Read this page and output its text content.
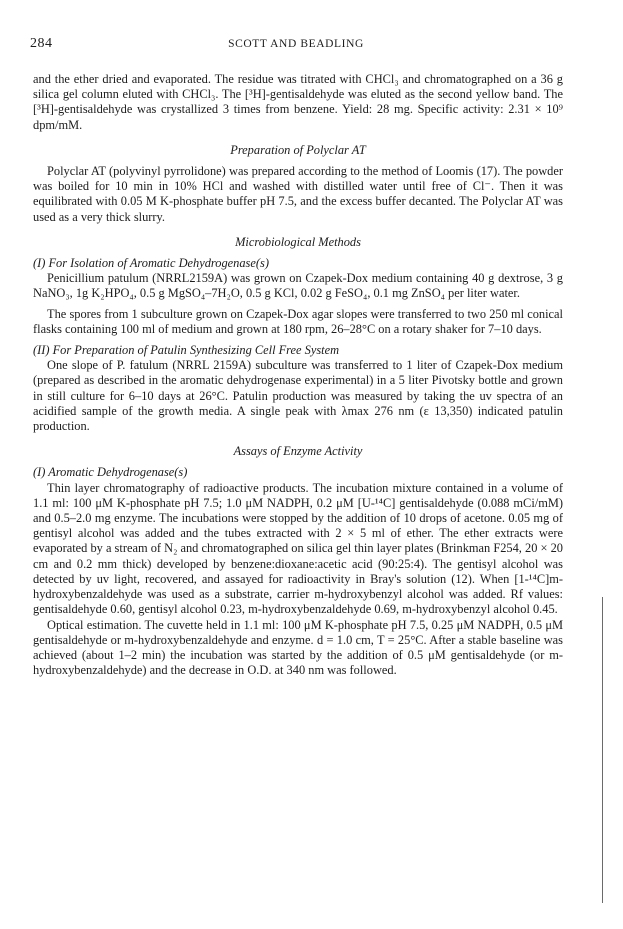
284	SCOTT AND BEADLING

and the ether dried and evaporated. The residue was titrated with CHCl₃ and chromatographed on a 36 g silica gel column eluted with CHCl₃. The [³H]-gentisaldehyde was eluted as the second yellow band. The [³H]-gentisaldehyde was crystallized 3 times from benzene. Yield: 28 mg. Specific activity: 2.31 × 10⁹ dpm/mM.

Preparation of Polyclar AT

Polyclar AT (polyvinyl pyrrolidone) was prepared according to the method of Loomis (17). The powder was boiled for 10 min in 10% HCl and washed with distilled water until free of Cl⁻. Then it was equilibrated with 0.05 M K-phosphate buffer pH 7.5, and the excess buffer decanted. The Polyclar AT was used as a very thick slurry.

Microbiological Methods

(I) For Isolation of Aromatic Dehydrogenase(s)

Penicillium patulum (NRRL2159A) was grown on Czapek-Dox medium containing 40 g dextrose, 3 g NaNO₃, 1g K₂HPO₄, 0.5 g MgSO₄–7H₂O, 0.5 g KCl, 0.02 g FeSO₄, 0.1 mg ZnSO₄ per liter water.

The spores from 1 subculture grown on Czapek-Dox agar slopes were transferred to two 250 ml conical flasks containing 100 ml of medium and grown at 180 rpm, 26–28°C on a rotary shaker for 7–10 days.

(II) For Preparation of Patulin Synthesizing Cell Free System

One slope of P. fatulum (NRRL 2159A) subculture was transferred to 1 liter of Czapek-Dox medium (prepared as described in the aromatic dehydrogenase experimental) in a 5 liter Pivotsky bottle and grown in still culture for 6–10 days at 26°C. Patulin production was measured by taking the uv spectra of an acidified sample of the growth media. A single peak with λmax 276 nm (ε 13,350) indicated patulin production.

Assays of Enzyme Activity

(I) Aromatic Dehydrogenase(s)

Thin layer chromatography of radioactive products. The incubation mixture contained in a volume of 1.1 ml: 100 μM K-phosphate pH 7.5; 1.0 μM NADPH, 0.2 μM [U-¹⁴C] gentisaldehyde (0.088 mCi/mM) and 0.5–2.0 mg enzyme. The incubations were stopped by the addition of 10 drops of acetone. 0.05 mg of gentisyl alcohol was added and the tubes extracted with 2 × 5 ml of ether. The ether extracts were evaporated by a stream of N₂ and chromatographed on silica gel thin layer plates (Brinkman F254, 20 × 20 cm and 0.2 mm thick) developed by benzene:dioxane:acetic acid (90:25:4). The gentisyl alcohol was detected by uv light, recovered, and assayed for radioactivity in Bray's solution (12). When [1-¹⁴C]m-hydroxybenzaldehyde was used as a substrate, carrier m-hydroxybenzyl alcohol was added. Rf values: gentisaldehyde 0.60, gentisyl alcohol 0.23, m-hydroxybenzaldehyde 0.69, m-hydroxybenzyl alcohol 0.45.

Optical estimation. The cuvette held in 1.1 ml: 100 μM K-phosphate pH 7.5, 0.25 μM NADPH, 0.5 μM gentisaldehyde or m-hydroxybenzaldehyde and enzyme. d = 1.0 cm, T = 25°C. After a stable baseline was achieved (about 1–2 min) the incubation was started by the addition of 0.5 μM gentisaldehyde (or m-hydroxybenzaldehyde) and the decrease in O.D. at 340 nm was followed.
